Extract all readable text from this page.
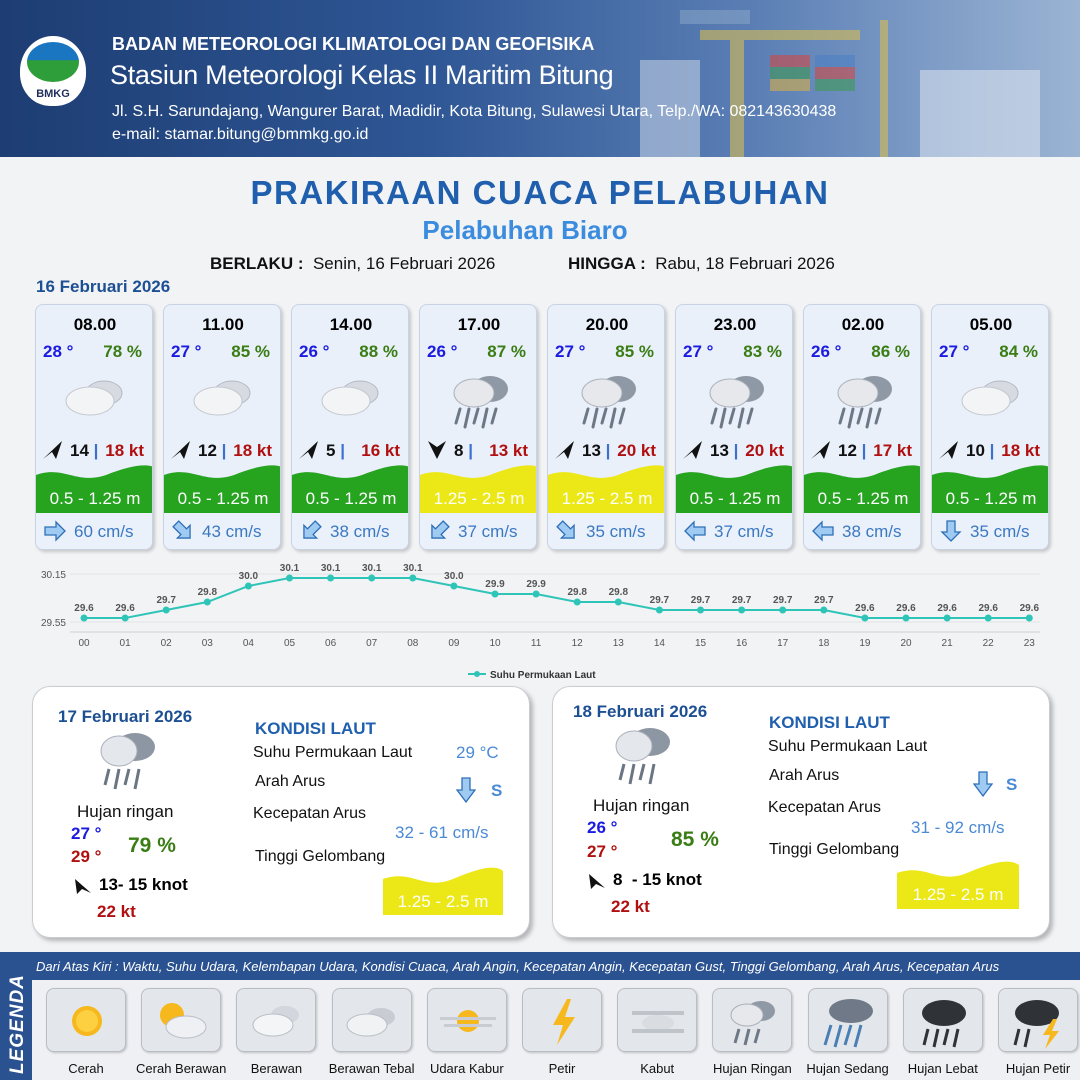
BMKG
BADAN METEOROLOGI KLIMATOLOGI DAN GEOFISIKA
Stasiun Meteorologi Kelas II Maritim Bitung
Jl. S.H. Sarundajang, Wangurer Barat, Madidir, Kota Bitung, Sulawesi Utara, Telp./WA: 082143630438
e-mail: stamar.bitung@bmmkg.go.id
PRAKIRAAN CUACA PELABUHAN
Pelabuhan Biaro
BERLAKU : Senin, 16 Februari 2026	HINGGA : Rabu, 18 Februari 2026
16 Februari 2026
08.00
28 ° 78 %
14 | 18 kt
0.5 - 1.25 m
60 cm/s
11.00
27 ° 85 %
12 | 18 kt
0.5 - 1.25 m
43 cm/s
14.00
26 ° 88 %
5 | 16 kt
0.5 - 1.25 m
38 cm/s
17.00
26 ° 87 %
8 | 13 kt
1.25 - 2.5 m
37 cm/s
20.00
27 ° 85 %
13 | 20 kt
1.25 - 2.5 m
35 cm/s
23.00
27 ° 83 %
13 | 20 kt
0.5 - 1.25 m
37 cm/s
02.00
26 ° 86 %
12 | 17 kt
0.5 - 1.25 m
38 cm/s
05.00
27 ° 84 %
10 | 18 kt
0.5 - 1.25 m
35 cm/s
30.15
29.55
29.6
00
29.6
01
29.7
02
29.8
03
30.0
04
30.1
05
30.1
06
30.1
07
30.1
08
30.0
09
29.9
10
29.9
11
29.8
12
29.8
13
29.7
14
29.7
15
29.7
16
29.7
17
29.7
18
29.6
19
29.6
20
29.6
21
29.6
22
29.6
23
Suhu Permukaan Laut
17 Februari 2026
Hujan ringan
27 °
29 ° 79 %
13- 15 knot
22 kt
KONDISI LAUT
Suhu Permukaan Laut	29 °C
Arah Arus	S
Kecepatan Arus
32 - 61 cm/s
Tinggi Gelombang
1.25 - 2.5 m
18 Februari 2026
Hujan ringan
26 °
27 °
85 %
8  - 15 knot
22 kt
KONDISI LAUT
Suhu Permukaan Laut
Arah Arus	S
Kecepatan Arus
31 - 92 cm/s
Tinggi Gelombang
1.25 - 2.5 m
LEGENDA
Dari Atas Kiri : Waktu, Suhu Udara, Kelembapan Udara, Kondisi Cuaca, Arah Angin, Kecepatan Angin, Kecepatan Gust, Tinggi Gelombang, Arah Arus, Kecepatan Arus
Cerah	Cerah Berawan	Berawan	Berawan Tebal	Udara Kabur	Petir	Kabut	Hujan Ringan	Hujan Sedang	Hujan Lebat	Hujan Petir
